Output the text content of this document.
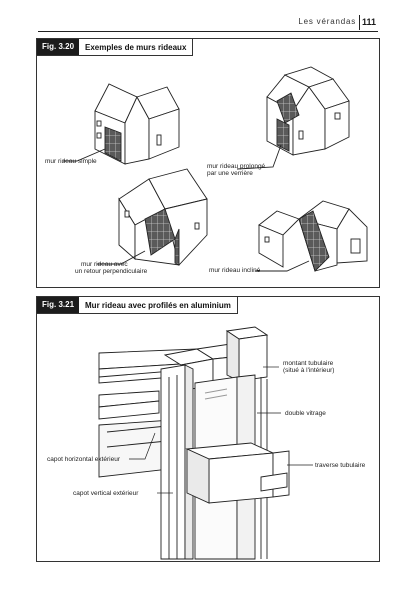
Les vérandas 111
Fig. 3.20	Exemples de murs rideaux
mur rideau simple
mur rideau prolongé
par une verrière
mur rideau avec
un retour perpendiculaire	mur rideau incliné
Fig. 3.21	Mur rideau avec profilés en aluminium
montant tubulaire
(situé à l'intérieur)
double vitrage
traverse tubulaire
capot horizontal extérieur
capot vertical extérieur
